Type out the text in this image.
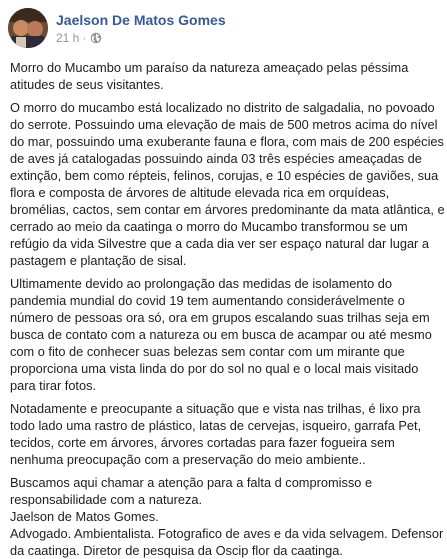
Jaelson De Matos Gomes
21 h ·

Morro do Mucambo um paraíso da natureza ameaçado pelas péssima
atitudes de seus visitantes.

O morro do mucambo está localizado no distrito de salgadalia, no povoado
do serrote. Possuindo uma elevação de mais de 500 metros acima do nível
do mar, possuindo uma exuberante fauna e flora, com mais de 200 espécies
de aves já catalogadas possuindo ainda 03 três espécies ameaçadas de
extinção, bem como répteis, felinos, corujas, e 10 espécies de gaviões, sua
flora e composta de árvores de altitude elevada rica em orquídeas,
bromélias, cactos, sem contar em árvores predominante da mata atlântica, e
cerrado ao meio da caatinga o morro do Mucambo transformou se um
refúgio da vida Silvestre que a cada dia ver ser espaço natural dar lugar a
pastagem e plantação de sisal.

Ultimamente devido ao prolongação das medidas de isolamento do
pandemia mundial do covid 19 tem aumentando considerávelmente o
número de pessoas ora só, ora em grupos escalando suas trilhas seja em
busca de contato com a natureza ou em busca de acampar ou até mesmo
com o fito de conhecer suas belezas sem contar com um mirante que
proporciona uma vista linda do por do sol no qual e o local mais visitado
para tirar fotos.

Notadamente e preocupante a situação que e vista nas trilhas, é lixo pra
todo lado uma rastro de plástico, latas de cervejas, isqueiro, garrafa Pet,
tecidos, corte em árvores, árvores cortadas para fazer fogueira sem
nenhuma preocupação com a preservação do meio ambiente..

Buscamos aqui chamar a atenção para a falta d compromisso e
responsabilidade com a natureza.
Jaelson de Matos Gomes.
Advogado. Ambientalista. Fotografico de aves e da vida selvagem. Defensor
da caatinga. Diretor de pesquisa da Oscip flor da caatinga.
